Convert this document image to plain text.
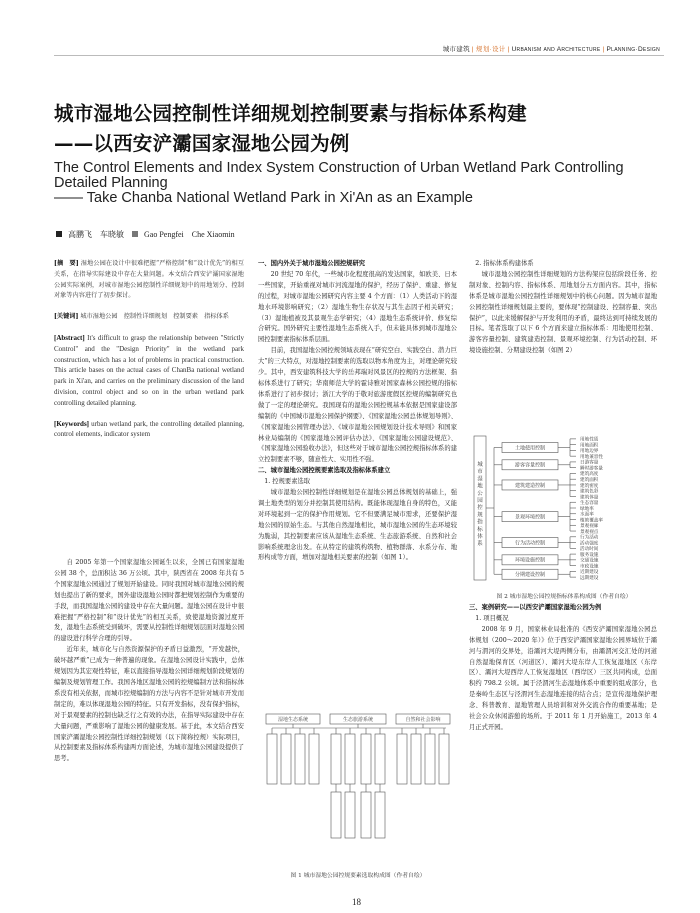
城市建筑 | 规划·设计 | Urbanism and Architecture | Planning·Design
城市湿地公园控制性详细规划控制要素与指标体系构建
——以西安浐灞国家湿地公园为例
The Control Elements and Index System Construction of Urban Wetland Park Controlling
Detailed Planning
—— Take Chanba National Wetland Park in Xi'An as an Example
高鹏飞　 车晓敏	Gao Pengfei　Che Xiaomin

[摘　要] 湿地公园在设计中很难把握“严格控制”和“设计优先”的相互关系，在指导实际建设中存在大量问题。本文结合西安浐灞国家湿地公园实际案例，对城市湿地公园控制性详细规划中的用地划分、控制对象等内容进行了初步探讨。

[关键词] 城市湿地公园　控制性详细规划　控制要素　指标体系

[Abstract] It's difficult to grasp the relationship between "Strictly Control" and the "Design Priority" in the wetland park construction, which has a lot of problems in practical construction. This article bases on the actual cases of ChanBa national wetland park in Xi'an, and carries on the preliminary discussion of the land division, control object and so on in the urban wetland park controlling detailed planning.

[Keywords] urban wetland park, the controlling detailed planning, control elements, indicator system

自 2005 年第一个国家湿地公园诞生以来，全国已有国家湿地公园 38 个，总面积达 36 万公顷。其中，陕西省在 2008 年共有 5 个国家湿地公园通过了规划开始建设。同时我国对城市湿地公园的规划也提出了新的要求，国外建设湿地公园时都把规划控制作为重要的手段，而我国湿地公园的建设中存在大量问题。湿地公园在设计中很难把握“严格控制”和“设计优先”的相互关系，致使湿地资源过度开发，湿地生态系统受到破坏，需要从控制性详细规划层面对湿地公园的建设进行科学合理的引导。

近年来，城市化与自然资源保护的矛盾日益激烈，“开发越快，破坏越严重”已成为一种普遍的现象。在湿地公园设计实践中，总体规划因为其宏观性特征，难以直接指导湿地公园详细规划阶段规划的编制及规划管理工作。我国各地区湿地公园的控规编制方法和指标体系没有相关依据，而城市控规编制的方法与内容不是针对城市开发而制定的，难以体现湿地公园的特征。只有开发指标，没有保护指标，对于景观要素的控制也缺乏行之有效的办法，在指导实际建设中存在大量问题，严重影响了湿地公园的健康发展。基于此，本文结合西安国家浐灞湿地公园控制性详细控制规划（以下简称控规）实际项目，从控制要素及指标体系构建两方面论述，为城市湿地公园建设提供了思考。

一、国内外关于城市湿地公园控规研究

20 世纪 70 年代，一些城市化程度很高的发达国家，如欧美、日本一些国家，开始重视对城市河流湿地的保护，经历了保护、重建、修复的过程，对城市湿地公园研究内容主要 4 个方面：（1）人类活动下的湿地水环境影响研究；（2）湿地生物生存状况与其生态因子相关研究；（3）湿地植被及其景观生态学研究；（4）湿地生态系统评价、修复综合研究。国外研究主要性湿地生态系统入手，但未能具体到城市湿地公园控制要素指标体系层面。

目前，我国湿地公园控规领域表现在“研究空白、实践空白、潜力巨大”的三大特点，对湿地控制要素的选取以物本角度为主，对理论研究较少。其中，西安建筑科技大学的岳邦瑞对风景区的控规的方法框架、指标体系进行了研究；华南师范大学的霍诗雅对国家森林公园控规的指标体系进行了初步探讨；浙江大学的于敬对旅游度假区控规的编制研究也做了一定的理论研究。我国现有的湿地公园控规基本依据是国家建设部编制的《中国城市湿地公园保护纲要》、《国家湿地公园总体规划导则》、《国家湿地公园管理办法》、《城市湿地公园规划设计技术导则》和国家林业局编制的《国家湿地公园评估办法》、《国家湿地公园建设规范》、《国家湿地公园验收办法》，但这些对于城市湿地公园控规指标体系的建立控制要素不够，随意性大、实用性不强。

二、城市湿地公园控规要素选取及指标体系建立

1. 控规要素选取

城市湿地公园控制性详细规划是在湿地公园总体规划的基础上，强调土地类型的划分并控制其使用结构。既能体现湿地自身的特色，又能对环境起到一定的保护作用规划。它不但要满足城市需求，还要保护湿地公园的原始生态。与其他自然湿地相比，城市湿地公园的生态环境较为脆弱，其控制要素应该从湿地生态系统、生态旅游系统、自然和社会影响系统理念出发。在从特定的建筑构筑物、植物群落、水系分布、地形构成等方面，增加对湿地相关要素的控制（如图 1）。

湿地生态系统	生态旅游系统	自然和社会影响
图 1 城市湿地公园控规要素选取构成图（作者自绘）

2. 指标体系构建体系

城市湿地公园控制性详细规划的方法构架应包括阶段任务、控制对象、控制内容、指标体系、用地划分五方面内容。其中，指标体系是城市湿地公园控制性详细规划中的核心问题。因为城市湿地公园控制性详细规划最主要的，要体现“控制建设、控制容量、突出保护”，以此来缓解保护与开发利用的矛盾，最终达到可持续发展的目标。笔者选取了以下 6 个方面来建立指标体系：用地使用控制、游客容量控制、建筑建造控制、景观环境控制、行为活动控制、环境设施控制、分期建设控制（如图 2）

城市湿地公园控规指标体系
土地使用控制
用地性质
用地面积
用地边界
用地兼容性
游客容量控制	日游客量
瞬时游客量
建筑建造控制
建筑高度
建筑面积
建筑密度
建筑色彩
建筑体量
景观环境控制
生态容量
绿地率
水面率
植被覆盖率
景观视廊
景观视点
行为活动控制
行为活动
活动强度
活动时间
环境设施控制
服务设施
交通设施
市政设施
分期建设控制	近期建设
远期建设
图 2 城市湿地公园控规指标体系构成图（作者自绘）

三、案例研究——以西安浐灞国家湿地公园为例

1. 项目概况

2008 年 9 月，国家林业局批准的《西安浐灞国家湿地公园总体规划（200～2020 年）》位于西安浐灞国家湿地公园界域位于灞河与渭河的交界处，沿灞河大堤两侧分布，由灞渭河交汇处的河道自然湿地保育区（河道区）、灞河大堤东岸人工恢复湿地区（东岸区）、灞河大堤西岸人工恢复湿地区（西岸区）三区共同构成，总面积约 798.2 公顷。属于泾渭河生态湿地体系中重要的组成部分，也是秦岭生态区与泾渭河生态湿地连接的结合点；是宣传湿地保护理念、科普教育、湿地管理人员培训和对外交流合作的重要基地；是社会公众休闲游憩的场所。于 2011 年 1 月开始施工，2013 年 4 月正式开园。

18
